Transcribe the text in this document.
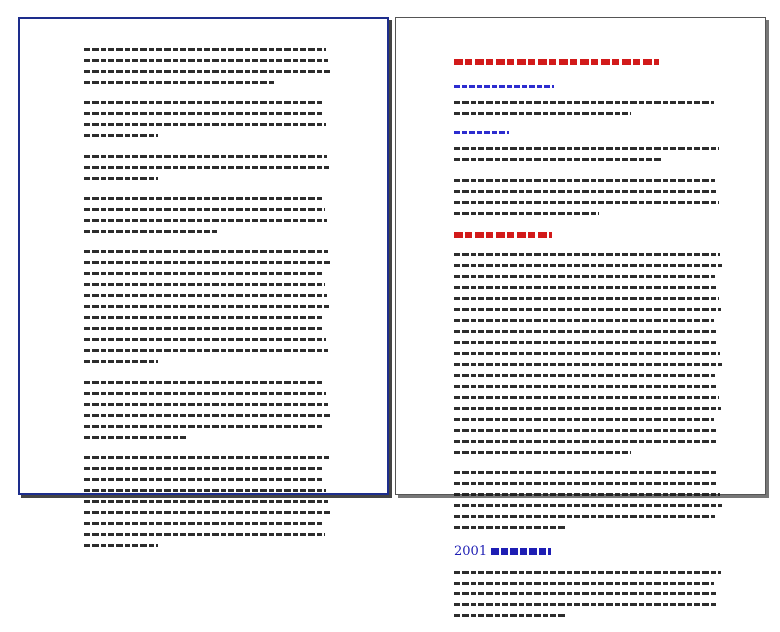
2001
